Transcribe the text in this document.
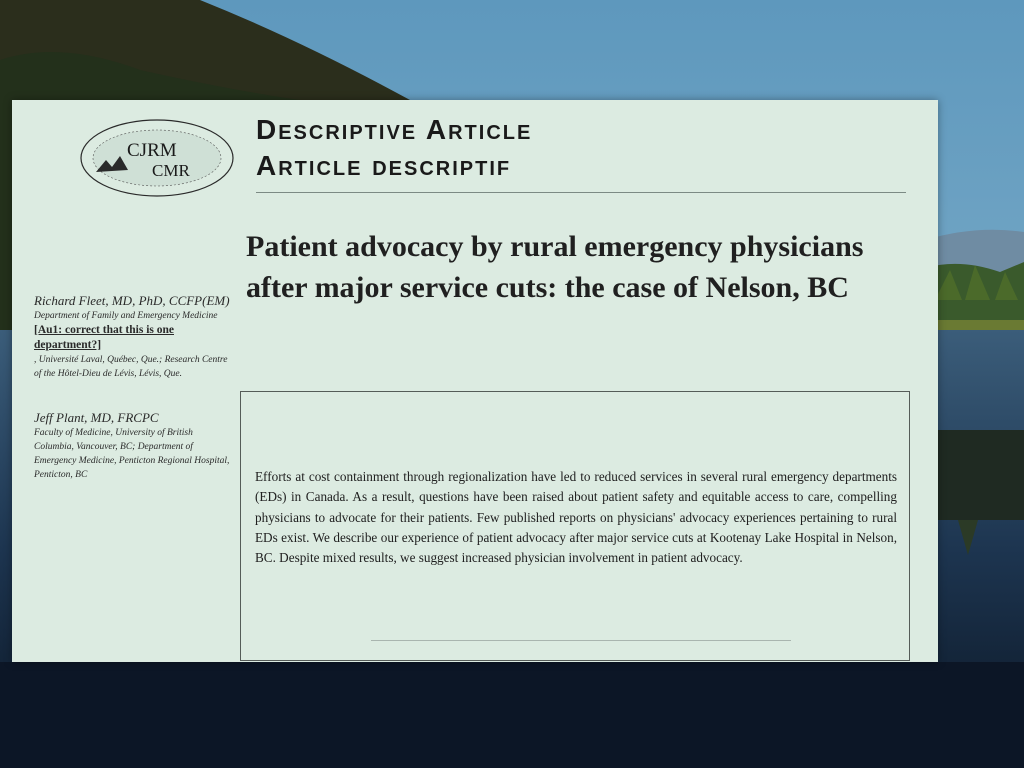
CJRM
CMR
Descriptive Article
Article descriptif
Patient advocacy by rural emergency physicians after major service cuts: the case of Nelson, BC
Richard Fleet, MD, PhD, CCFP(EM)
Department of Family and Emergency Medicine
[Au1: correct that this is one department?]
, Université Laval, Québec, Que.; Research Centre of the Hôtel-Dieu de Lévis, Lévis, Que.
Jeff Plant, MD, FRCPC
Faculty of Medicine, University of British Columbia, Vancouver, BC; Department of Emergency Medicine, Penticton Regional Hospital, Penticton, BC	Efforts at cost containment through regionalization have led to reduced services in several rural emergency departments (EDs) in Canada. As a result, questions have been raised about patient safety and equitable access to care, compelling physicians to advocate for their patients. Few published reports on physicians' advocacy experiences pertaining to rural EDs exist. We describe our experience of patient advocacy after major service cuts at Kootenay Lake Hospital in Nelson, BC. Despite mixed results, we suggest increased physician involvement in patient advocacy.
